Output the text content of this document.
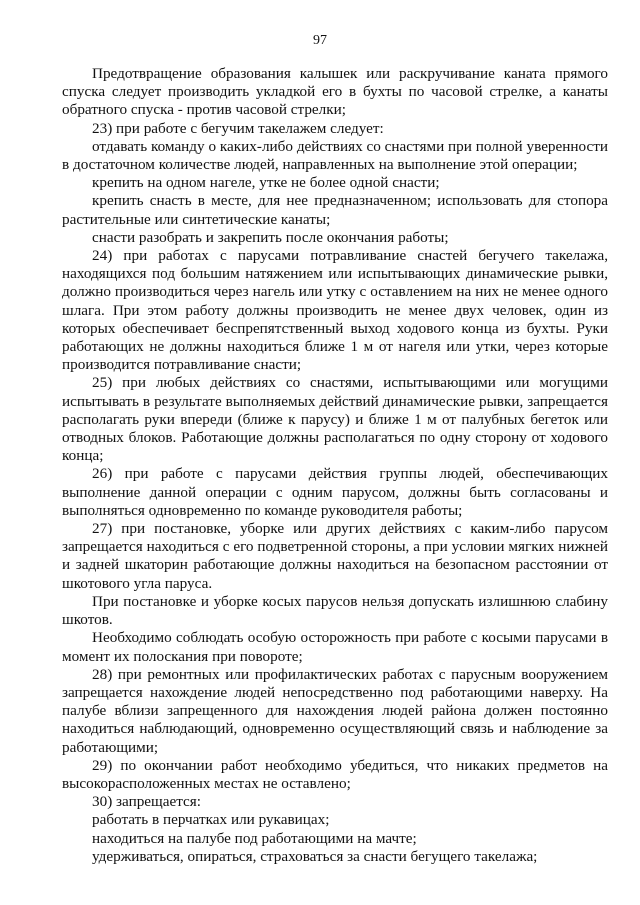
97

Предотвращение образования калышек или раскручивание каната прямого спуска следует производить укладкой его в бухты по часовой стрелке, а канаты обратного спуска - против часовой стрелки;

23) при работе с бегучим такелажем следует:

отдавать команду о каких-либо действиях со снастями при полной уверенности в достаточном количестве людей, направленных на выполнение этой операции;

крепить на одном нагеле, утке не более одной снасти;

крепить снасть в месте, для нее предназначенном; использовать для стопора растительные или синтетические канаты;

снасти разобрать и закрепить после окончания работы;

24) при работах с парусами потравливание снастей бегучего такелажа, находящихся под большим натяжением или испытывающих динамические рывки, должно производиться через нагель или утку с оставлением на них не менее одного шлага. При этом работу должны производить не менее двух человек, один из которых обеспечивает беспрепятственный выход ходового конца из бухты. Руки работающих не должны находиться ближе 1 м от нагеля или утки, через которые производится потравливание снасти;

25) при любых действиях со снастями, испытывающими или могущими испытывать в результате выполняемых действий динамические рывки, запрещается располагать руки впереди (ближе к парусу) и ближе 1 м от палубных бегеток или отводных блоков. Работающие должны располагаться по одну сторону от ходового конца;

26) при работе с парусами действия группы людей, обеспечивающих выполнение данной операции с одним парусом, должны быть согласованы и выполняться одновременно по команде руководителя работы;

27) при постановке, уборке или других действиях с каким-либо парусом запрещается находиться с его подветренной стороны, а при условии мягких нижней и задней шкаторин работающие должны находиться на безопасном расстоянии от шкотового угла паруса.

При постановке и уборке косых парусов нельзя допускать излишнюю слабину шкотов.

Необходимо соблюдать особую осторожность при работе с косыми парусами в момент их полоскания при повороте;

28) при ремонтных или профилактических работах с парусным вооружением запрещается нахождение людей непосредственно под работающими наверху. На палубе вблизи запрещенного для нахождения людей района должен постоянно находиться наблюдающий, одновременно осуществляющий связь и наблюдение за работающими;

29) по окончании работ необходимо убедиться, что никаких предметов на высокорасположенных местах не оставлено;

30) запрещается:

работать в перчатках или рукавицах;

находиться на палубе под работающими на мачте;

удерживаться, опираться, страховаться за снасти бегущего такелажа;
